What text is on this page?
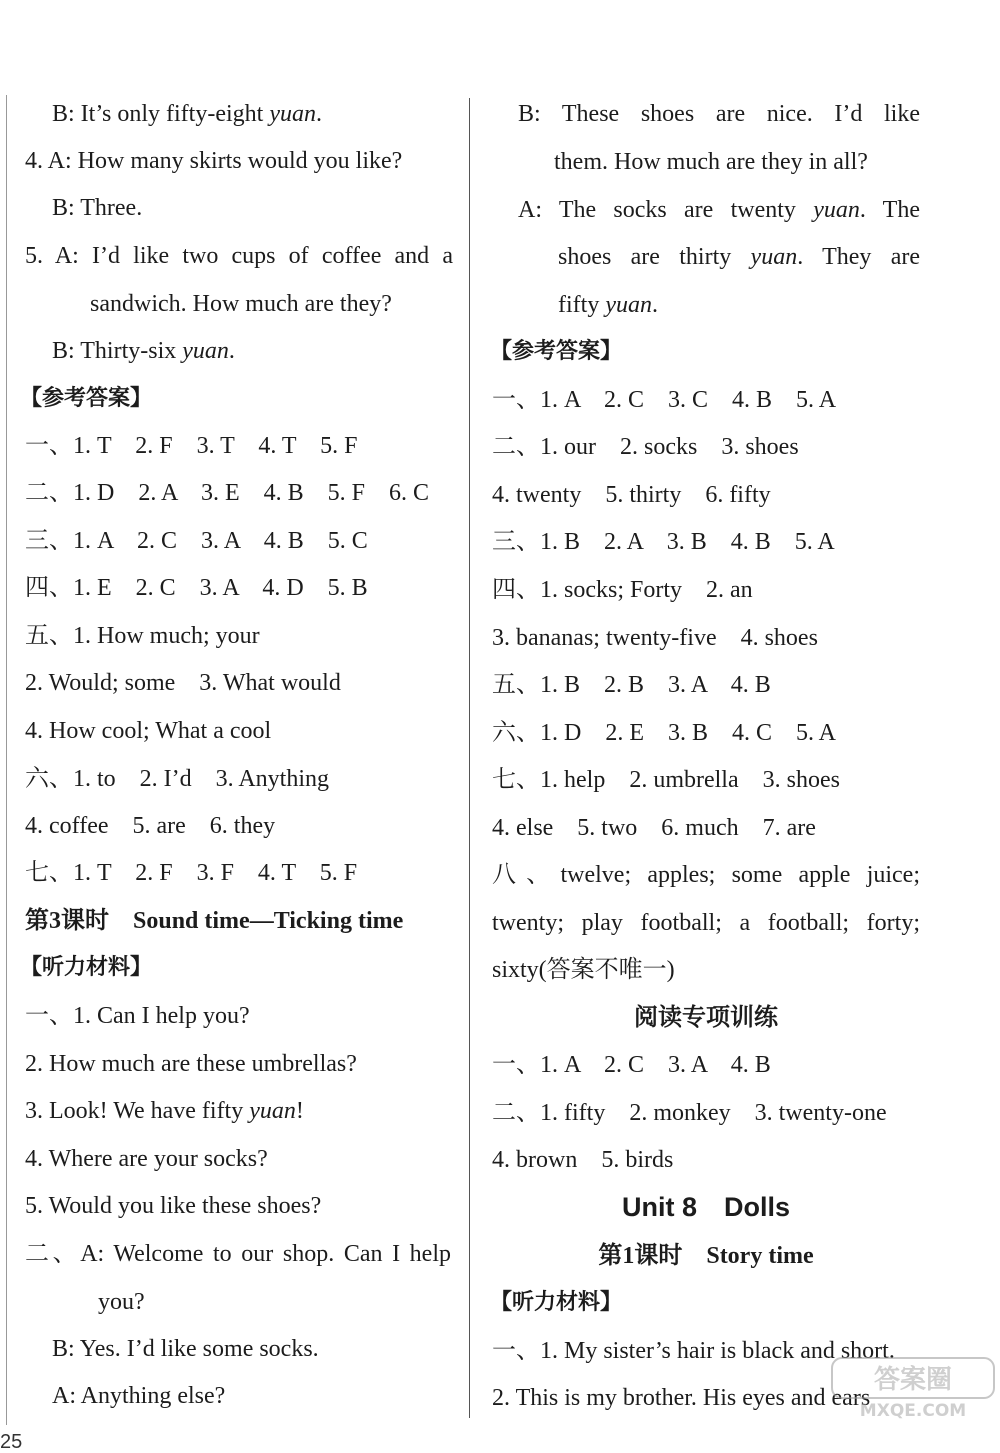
B: It’s only fifty-eight yuan.
4. A: How many skirts would you like?
B: Three.
5. A: I’d like two cups of coffee and a
sandwich. How much are they?
B: Thirty-six yuan.
【参考答案】
一、1. T　2. F　3. T　4. T　5. F
二、1. D　2. A　3. E　4. B　5. F　6. C
三、1. A　2. C　3. A　4. B　5. C
四、1. E　2. C　3. A　4. D　5. B
五、1. How much; your
2. Would; some　3. What would
4. How cool; What a cool
六、1. to　2. I’d　3. Anything
4. coffee　5. are　6. they
七、1. T　2. F　3. F　4. T　5. F
第3课时　Sound time—Ticking time
【听力材料】
一、1. Can I help you?
2. How much are these umbrellas?
3. Look! We have fifty yuan!
4. Where are your socks?
5. Would you like these shoes?
二、A: Welcome to our shop. Can I help
you?
B: Yes. I’d like some socks.
A: Anything else?
B: These shoes are nice. I’d like
them. How much are they in all?
A: The socks are twenty yuan. The
shoes are thirty yuan. They are
fifty yuan.
【参考答案】
一、1. A　2. C　3. C　4. B　5. A
二、1. our　2. socks　3. shoes
4. twenty　5. thirty　6. fifty
三、1. B　2. A　3. B　4. B　5. A
四、1. socks; Forty　2. an
3. bananas; twenty-five　4. shoes
五、1. B　2. B　3. A　4. B
六、1. D　2. E　3. B　4. C　5. A
七、1. help　2. umbrella　3. shoes
4. else　5. two　6. much　7. are
八、twelve; apples; some apple juice;
twenty; play football; a football; forty;
sixty(答案不唯一)
阅读专项训练
一、1. A　2. C　3. A　4. B
二、1. fifty　2. monkey　3. twenty-one
4. brown　5. birds
Unit 8　Dolls
第1课时　Story time
【听力材料】
一、1. My sister’s hair is black and short.
2. This is my brother. His eyes and ears
25
答案圈
MXQE.COM
